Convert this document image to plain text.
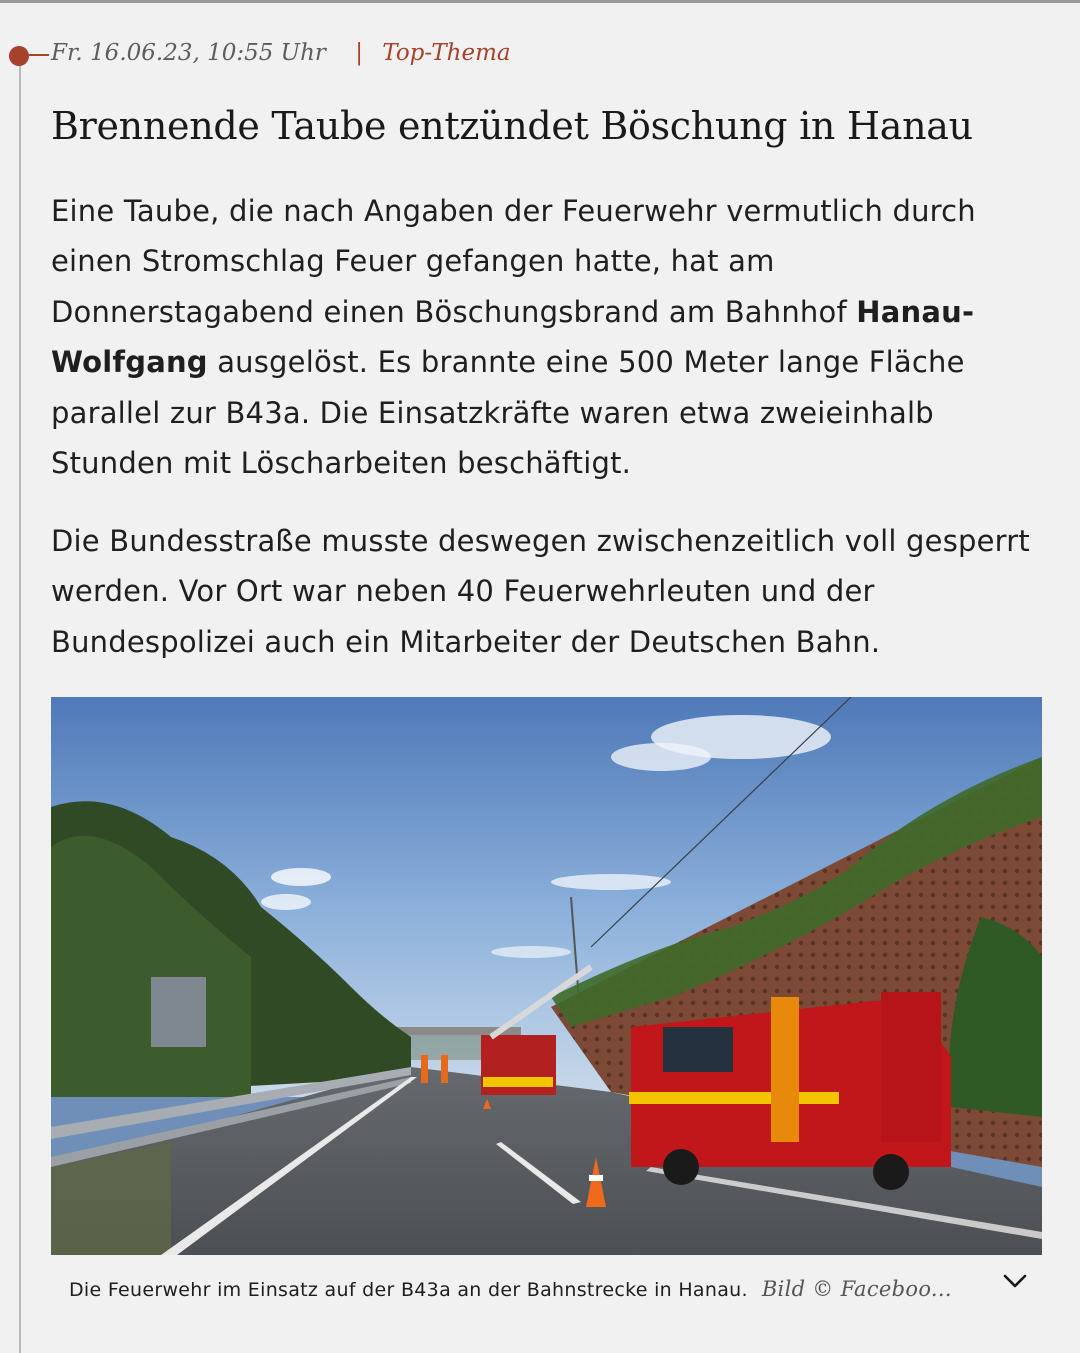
Fr. 16.06.23, 10:55 Uhr | Top-Thema
Brennende Taube entzündet Böschung in Hanau

Eine Taube, die nach Angaben der Feuerwehr vermutlich durch einen Stromschlag Feuer gefangen hatte, hat am Donnerstagabend einen Böschungsbrand am Bahnhof Hanau-Wolfgang ausgelöst. Es brannte eine 500 Meter lange Fläche parallel zur B43a. Die Einsatzkräfte waren etwa zweieinhalb Stunden mit Löscharbeiten beschäftigt.

Die Bundesstraße musste deswegen zwischenzeitlich voll gesperrt werden. Vor Ort war neben 40 Feuerwehrleuten und der Bundespolizei auch ein Mitarbeiter der Deutschen Bahn.

Die Feuerwehr im Einsatz auf der B43a an der Bahnstrecke in Hanau. Bild © Faceboo...
